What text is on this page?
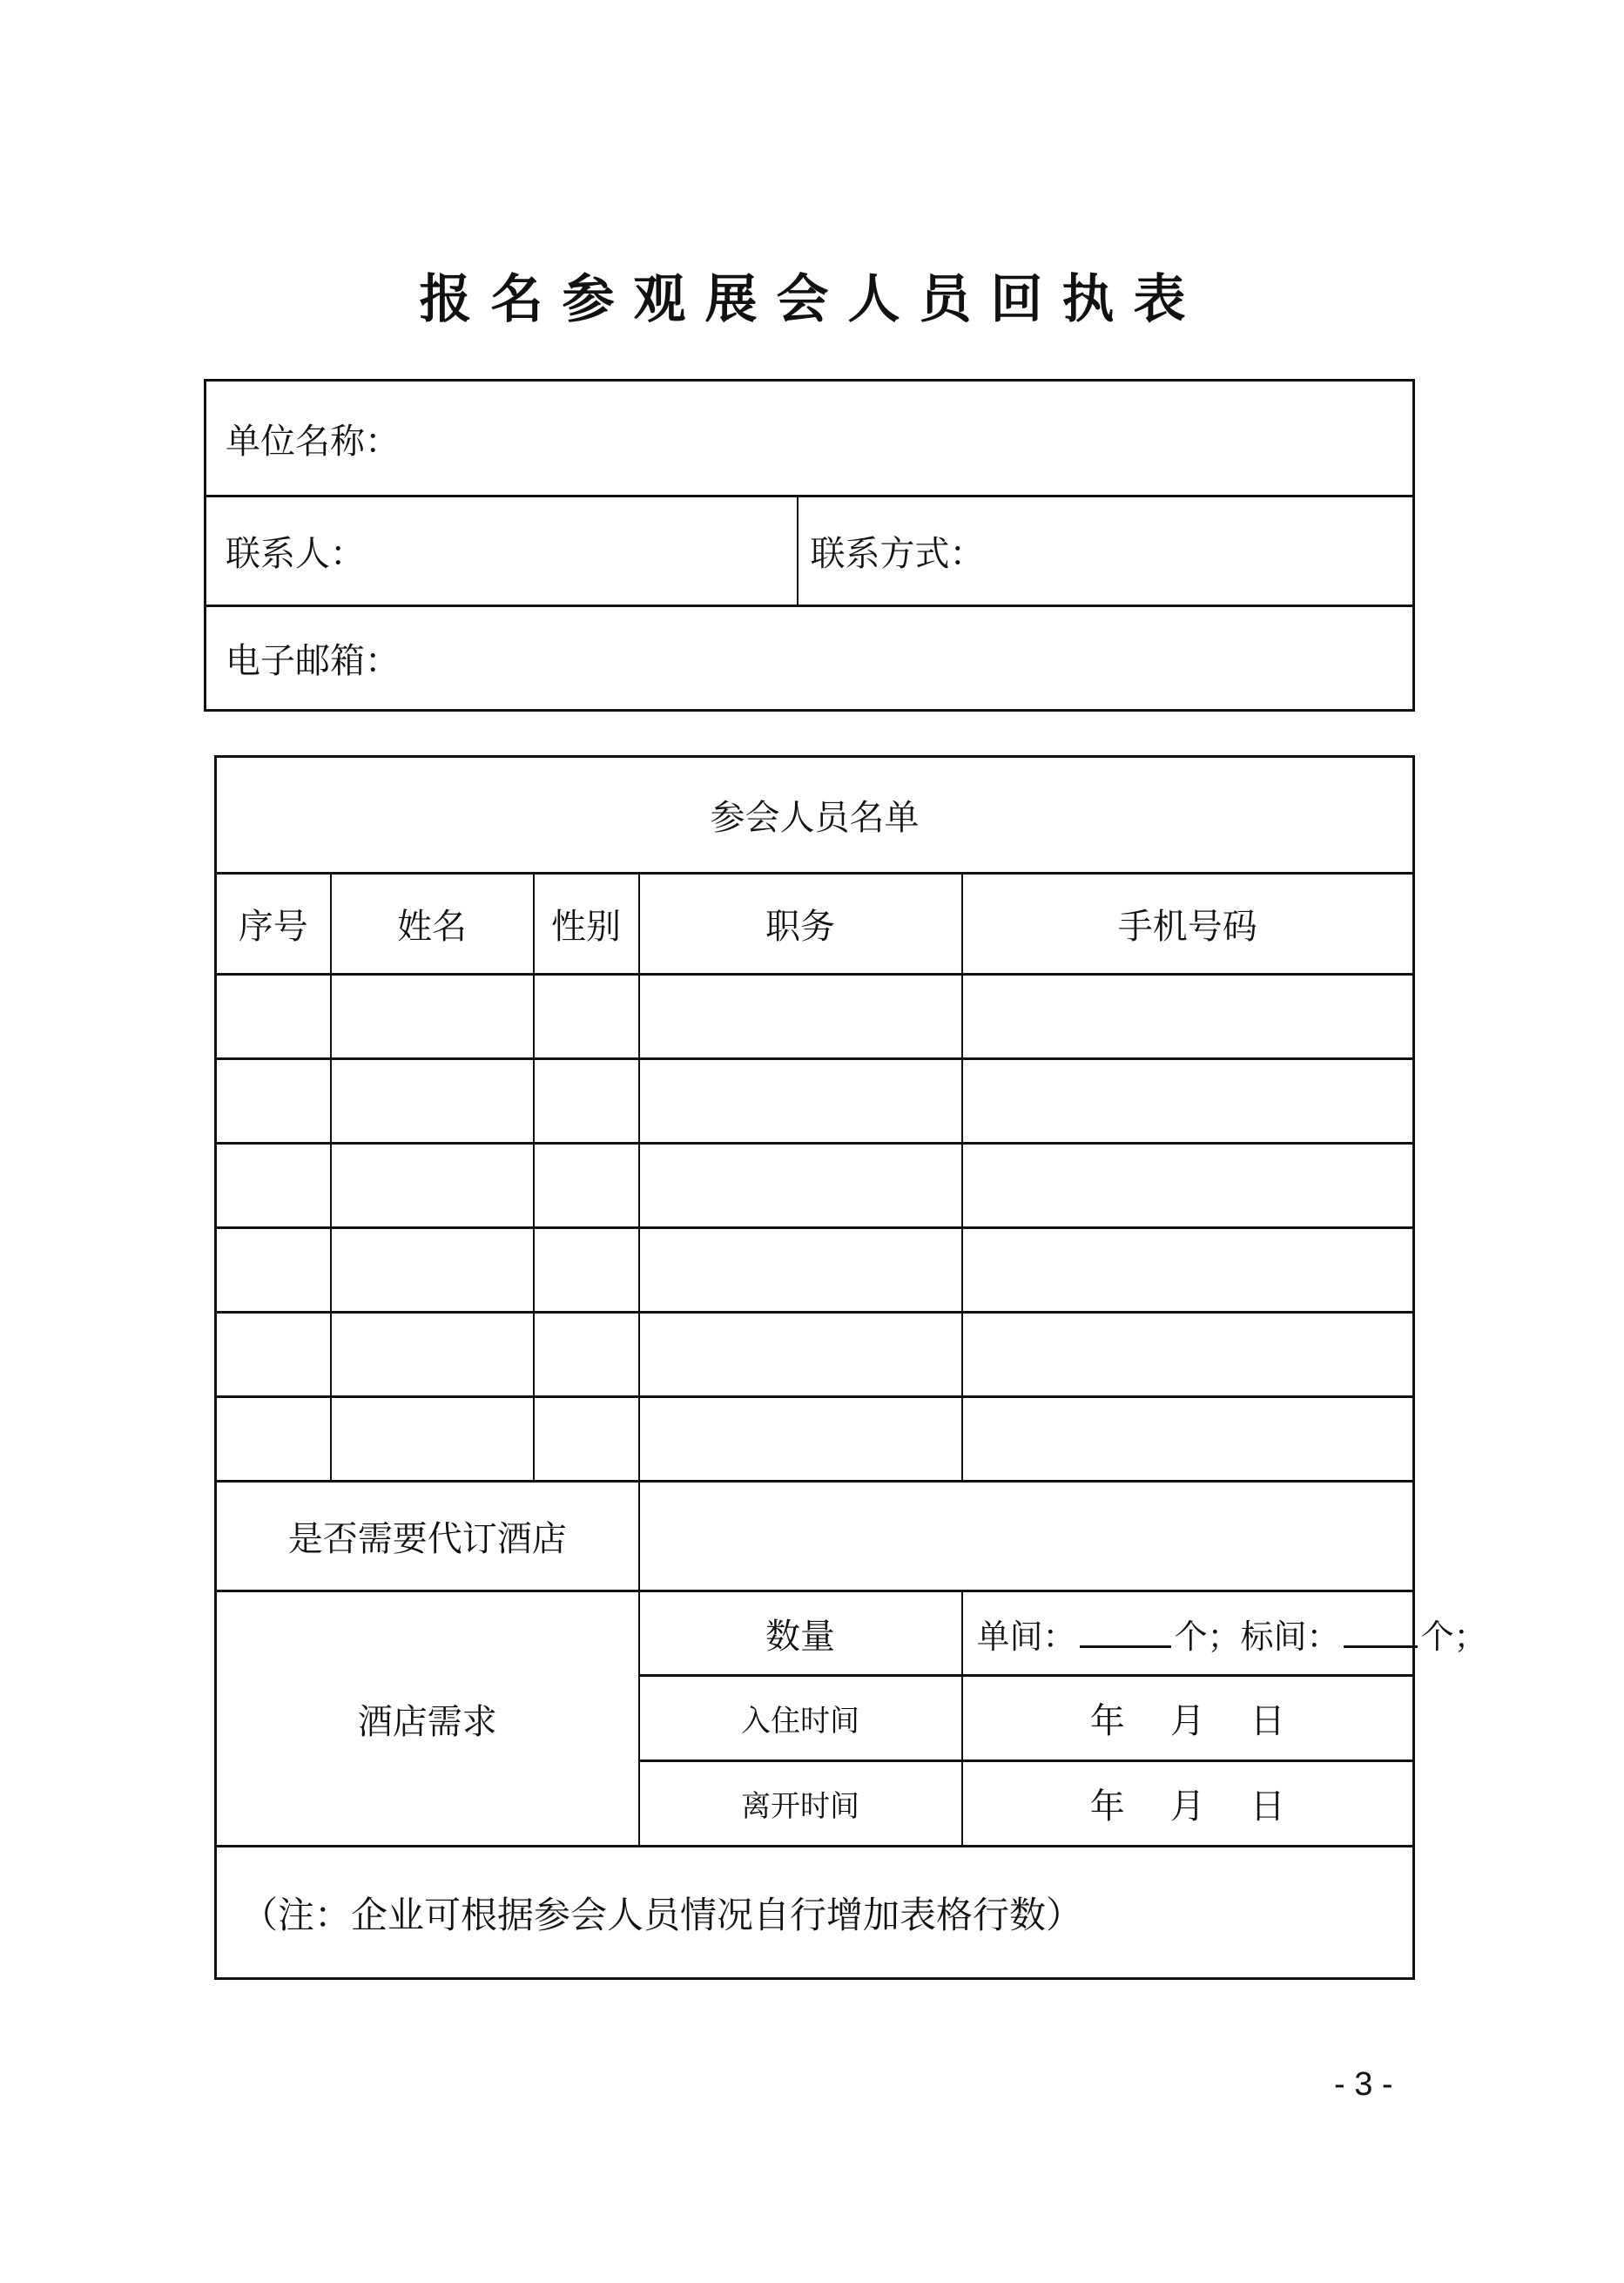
报名参观展会人员回执表
单位名称：
联系人：	联系方式：
电子邮箱：
参会人员名单				
序号	姓名	性别	职务	手机号码

是否需要代订酒店				
酒店需求			数量	单间： 个；标间： 个；
			入住时间	年 月 日
			离开时间	年 月 日
（注：企业可根据参会人员情况自行增加表格行数）				
- 3 -
